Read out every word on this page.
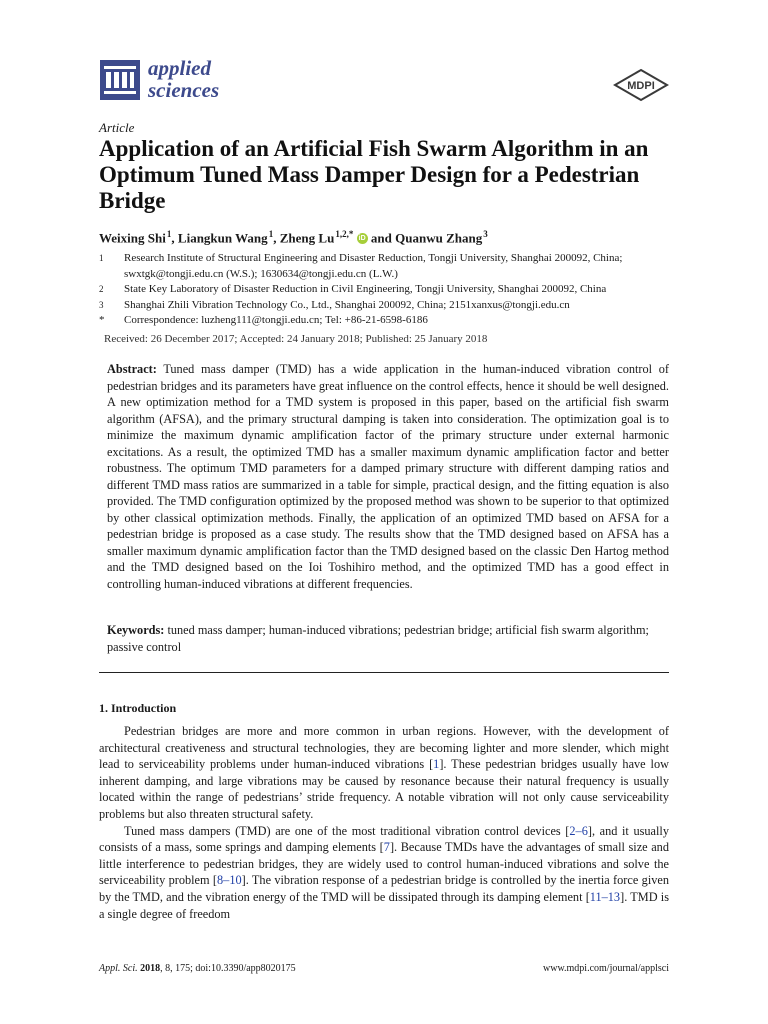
applied
sciences	MDPI
Article
Application of an Artificial Fish Swarm Algorithm in an Optimum Tuned Mass Damper Design for a Pedestrian Bridge
Weixing Shi $^1$, Liangkun Wang $^1$, Zheng Lu $^{1,2,*}$ iD and Quanwu Zhang $^3$
1	Research Institute of Structural Engineering and Disaster Reduction, Tongji University, Shanghai 200092, China; swxtgk@tongji.edu.cn (W.S.); 1630634@tongji.edu.cn (L.W.)
2	State Key Laboratory of Disaster Reduction in Civil Engineering, Tongji University, Shanghai 200092, China
3	Shanghai Zhili Vibration Technology Co., Ltd., Shanghai 200092, China; 2151xanxus@tongji.edu.cn
*	Correspondence: luzheng111@tongji.edu.cn; Tel: +86-21-6598-6186
Received: 26 December 2017; Accepted: 24 January 2018; Published: 25 January 2018
Abstract: Tuned mass damper (TMD) has a wide application in the human-induced vibration control of pedestrian bridges and its parameters have great influence on the control effects, hence it should be well designed. A new optimization method for a TMD system is proposed in this paper, based on the artificial fish swarm algorithm (AFSA), and the primary structural damping is taken into consideration. The optimization goal is to minimize the maximum dynamic amplification factor of the primary structure under external harmonic excitations. As a result, the optimized TMD has a smaller maximum dynamic amplification factor and better robustness. The optimum TMD parameters for a damped primary structure with different damping ratios and different TMD mass ratios are summarized in a table for simple, practical design, and the fitting equation is also provided. The TMD configuration optimized by the proposed method was shown to be superior to that optimized by other classical optimization methods. Finally, the application of an optimized TMD based on AFSA for a pedestrian bridge is proposed as a case study. The results show that the TMD designed based on AFSA has a smaller maximum dynamic amplification factor than the TMD designed based on the classic Den Hartog method and the TMD designed based on the Ioi Toshihiro method, and the optimized TMD has a good effect in controlling human-induced vibrations at different frequencies.
Keywords: tuned mass damper; human-induced vibrations; pedestrian bridge; artificial fish swarm algorithm; passive control
1. Introduction

Pedestrian bridges are more and more common in urban regions. However, with the development of architectural creativeness and structural technologies, they are becoming lighter and more slender, which might lead to serviceability problems under human-induced vibrations [1]. These pedestrian bridges usually have low inherent damping, and large vibrations may be caused by resonance because their natural frequency is usually located within the range of pedestrians’ stride frequency. A notable vibration will not only cause serviceability problems but also threaten structural safety.

Tuned mass dampers (TMD) are one of the most traditional vibration control devices [2–6], and it usually consists of a mass, some springs and damping elements [7]. Because TMDs have the advantages of small size and little interference to pedestrian bridges, they are widely used to control human-induced vibrations and solve the serviceability problem [8–10]. The vibration response of a pedestrian bridge is controlled by the inertia force given by the TMD, and the vibration energy of the TMD will be dissipated through its damping element [11–13]. TMD is a single degree of freedom

Appl. Sci. 2018, 8, 175; doi:10.3390/app8020175	www.mdpi.com/journal/applsci
